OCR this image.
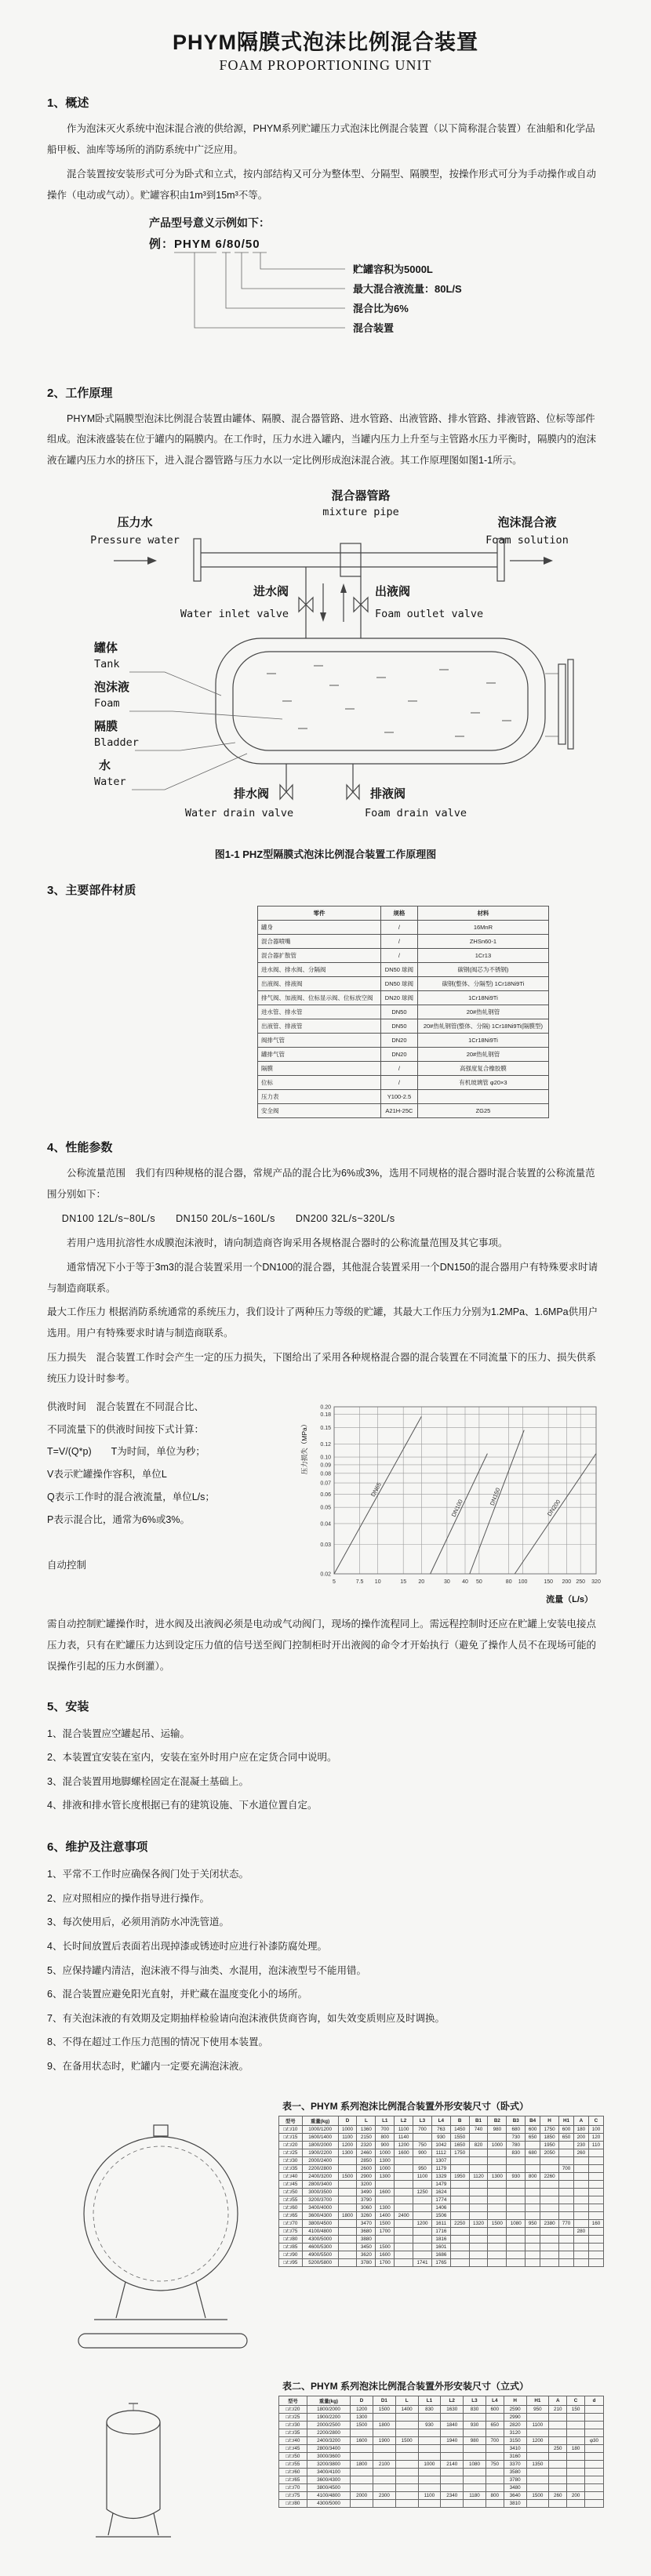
PHYM隔膜式泡沫比例混合装置
FOAM PROPORTIONING UNIT
1、概述

作为泡沫灭火系统中泡沫混合液的供给源，PHYM系列贮罐压力式泡沫比例混合装置（以下简称混合装置）在油船和化学品船甲板、油库等场所的消防系统中广泛应用。

混合装置按安装形式可分为卧式和立式，按内部结构又可分为整体型、分隔型、隔膜型，按操作形式可分为手动操作或自动操作（电动或气动）。贮罐容积由1m³到15m³不等。

产品型号意义示例如下：
例：PHYM 6/80/50
贮罐容积为5000L
最大混合液流量：80L/S
混合比为6%
混合装置
2、工作原理

PHYM卧式隔膜型泡沫比例混合装置由罐体、隔膜、混合器管路、进水管路、出液管路、排水管路、排液管路、位标等部件组成。泡沫液盛装在位于罐内的隔膜内。在工作时，压力水进入罐内，当罐内压力上升至与主管路水压力平衡时，隔膜内的泡沫液在罐内压力水的挤压下，进入混合器管路与压力水以一定比例形成泡沫混合液。其工作原理图如图1-1所示。

混合器管路
mixture pipe
压力水
Pressure water
泡沫混合液
Foam solution
进水阀
Water inlet valve
出液阀
Foam outlet valve
罐体
Tank
泡沫液
Foam
隔膜
Bladder
水
Water
排水阀
Water drain valve
排液阀
Foam drain valve
图1-1 PHZ型隔膜式泡沫比例混合装置工作原理图
3、主要部件材质
零件	规格	材料
罐身	/	16MnR
混合器喷嘴	/	ZHSn60-1
混合器扩散管	/	1Cr13
进水阀、排水阀、分隔阀	DN50 球阀	碳钢(阀芯为不锈钢)
出液阀、排液阀	DN50 球阀	碳钢(整体、分隔型) 1Cr18Ni9Ti
排气阀、加液阀、位标显示阀、位标放空阀	DN20 球阀	1Cr18Ni9Ti
进水管、排水管	DN50	20#热轧钢管
出液管、排液管	DN50	20#热轧钢管(整体、分隔) 1Cr18Ni9Ti(隔膜型)
阀排气管	DN20	1Cr18Ni9Ti
罐排气管	DN20	20#热轧钢管
隔膜	/	高强度复合橡胶膜
位标	/	有机玻璃管 φ20×3
压力表	Y100-2.5	
安全阀	A21H-25C	ZG25
4、性能参数

公称流量范围　我们有四种规格的混合器，常规产品的混合比为6%或3%，选用不同规格的混合器时混合装置的公称流量范围分别如下：

DN100 12L/s~80L/s　　DN150 20L/s~160L/s　　DN200 32L/s~320L/s

若用户选用抗溶性水成膜泡沫液时，请向制造商咨询采用各规格混合器时的公称流量范围及其它事项。

通常情况下小于等于3m3的混合装置采用一个DN100的混合器，其他混合装置采用一个DN150的混合器用户有特殊要求时请与制造商联系。

最大工作压力 根据消防系统通常的系统压力，我们设计了两种压力等级的贮罐，其最大工作压力分别为1.2MPa、1.6MPa供用户选用。用户有特殊要求时请与制造商联系。

压力损失　混合装置工作时会产生一定的压力损失，下图给出了采用各种规格混合器的混合装置在不同流量下的压力、损失供系统压力设计时参考。

供液时间　混合装置在不同混合比、
不同流量下的供液时间按下式计算：
T=V/(Q*p)　　T为时间，单位为秒；
V表示贮罐操作容积，单位L
Q表示工作时的混合液流量，单位L/s；
P表示混合比，通常为6%或3%。
自动控制
5	7.5 10	15 20	30 40 50	80 100	150 200 250 320
0.20
0.18
0.15
0.12
0.10
0.09
0.08
0.07
0.06
0.05
0.04
0.03
0.02
DN65
DN100
DN150
DN200
压力损失（MPa）
流量（L/s）

需自动控制贮罐操作时，进水阀及出液阀必须是电动或气动阀门，现场的操作流程同上。需远程控制时还应在贮罐上安装电接点压力表，只有在贮罐压力达到设定压力值的信号送至阀门控制柜时开出液阀的命令才开始执行（避免了操作人员不在现场可能的误操作引起的压力水倒灌）。

5、安装
1、混合装置应空罐起吊、运输。
2、本装置宜安装在室内，安装在室外时用户应在定货合同中说明。
3、混合装置用地脚螺栓固定在混凝土基础上。
4、排液和排水管长度根据已有的建筑设施、下水道位置自定。
6、维护及注意事项
1、平常不工作时应确保各阀门处于关闭状态。
2、应对照相应的操作指导进行操作。
3、每次使用后，必须用消防水冲洗管道。
4、长时间放置后表面若出现掉漆或锈迹时应进行补漆防腐处理。
5、应保持罐内清洁，泡沫液不得与油类、水混用，泡沫液型号不能用错。
6、混合装置应避免阳光直射，并贮藏在温度变化小的场所。
7、有关泡沫液的有效期及定期抽样检验请向泡沫液供货商咨询，如失效变质则应及时调换。
8、不得在超过工作压力范围的情况下使用本装置。
9、在备用状态时，贮罐内一定要充满泡沫液。
表一、PHYM 系列泡沫比例混合装置外形安装尺寸（卧式）
型号	重量(kg)	D	L	L1	L2	L3	L4	B	B1	B2	B3	B4	H	H1	A	C
□/□/10	1000/1200	1000	1360	700	1100	700	763	1450	740	980	680	600	1750	600	180	100
□/□/15	1600/1400	1100	2150	800	1140		930	1550			730	650	1850	650	200	120
□/□/20	1800/2000	1200	2320	900	1200	750	1042	1650	820	1000	780		1950		230	110
□/□/25	1900/2200	1300	2460	1000	1600	900	1112	1750			830	680	2050		260	
□/□/30	2000/2400		2850	1300			1307									
□/□/35	2200/2800		2600	1000		950	1179							700		
□/□/40	2400/3200	1500	2900	1300		1100	1329	1950	1120	1300	930	800	2260			
□/□/45	2800/3400		3200				1479									
□/□/50	3000/3500		3490	1600		1250	1624									
□/□/55	3200/3700		3790				1774									
□/□/60	3400/4000		3060	1300			1406									
□/□/65	3600/4300	1800	3260	1400	2400		1506									
□/□/70	3800/4500		3470	1500		1200	1611	2250	1320	1500	1080	950	2380	770		160
□/□/75	4100/4800		3680	1700			1716								280	
□/□/80	4300/5000		3880				1816									
□/□/85	4600/5300		3450	1500			1601									
□/□/90	4900/5500		3620	1600			1686									
□/□/95	5200/5800		3780	1700		1741	1765									
表二、PHYM 系列泡沫比例混合装置外形安装尺寸（立式）
型号	重量(kg)	D	D1	L	L1	L2	L3	L4	H	H1	A	C	d
□/□/20	1800/2000	1200	1500	1400	830	1630	830	600	2590	950	210	150	
□/□/25	1900/2200	1300							2990				
□/□/30	2000/2500	1500	1800		930	1840	930	650	2820	1100			
□/□/35	2200/2800								3120				
□/□/40	2400/3200	1600	1900	1500		1940	980	700	3150	1200			φ30
□/□/45	2800/3400								3410		250	180	
□/□/50	3000/3600								3160				
□/□/55	3200/3800	1800	2100		1000	2140	1080	750	3370	1350			
□/□/60	3400/4100								3580				
□/□/65	3600/4300								3780				
□/□/70	3800/4500								3480				
□/□/75	4100/4800	2000	2300		1100	2340	1180	800	3640	1500	260	200	
□/□/80	4300/5000								3810				
